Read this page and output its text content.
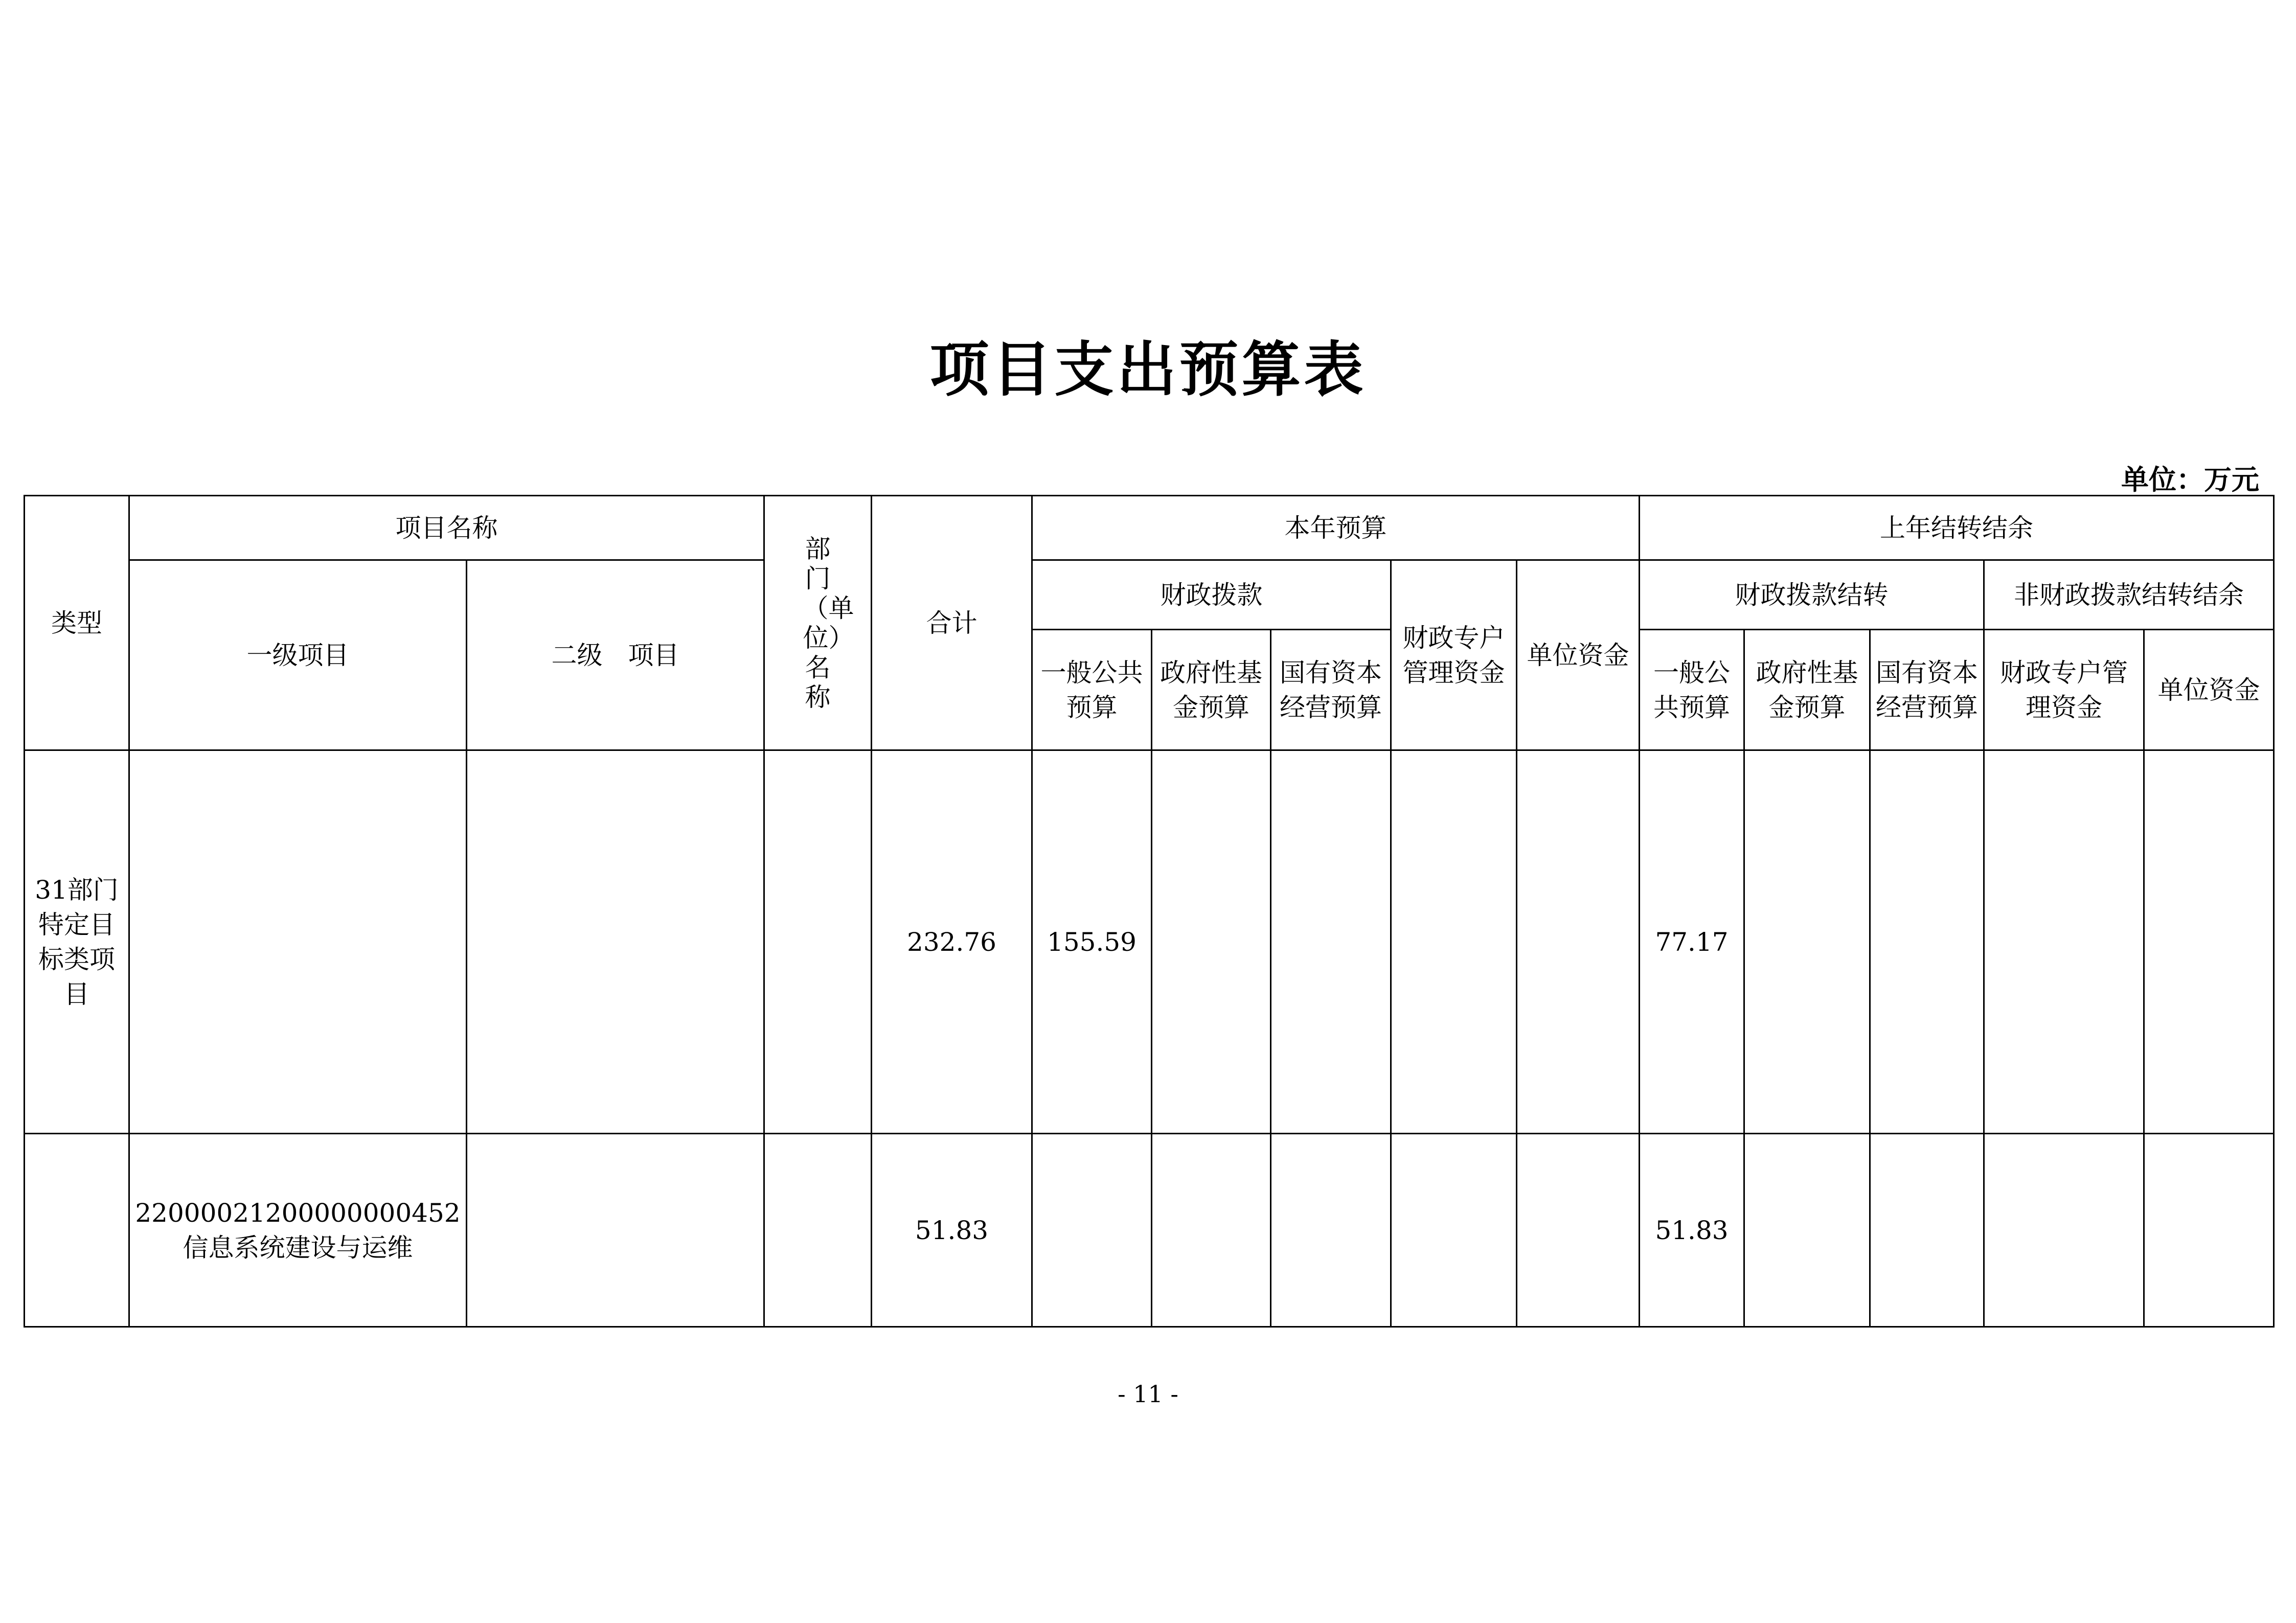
项目支出预算表
单位：万元
类型	项目名称		部门（单位）名称	合计	本年预算					上年结转结余				
	一级项目	二级　项目			财政拨款			财政专户管理资金	单位资金	财政拨款结转			非财政拨款结转结余	
					一般公共预算	政府性基金预算	国有资本经营预算			一般公共预算	政府性基金预算	国有资本经营预算	财政专户管理资金	单位资金
31部门特定目标类项目				232.76	155.59					77.17				
	22000021200000000452信息系统建设与运维			51.83						51.83				
- 11 -
